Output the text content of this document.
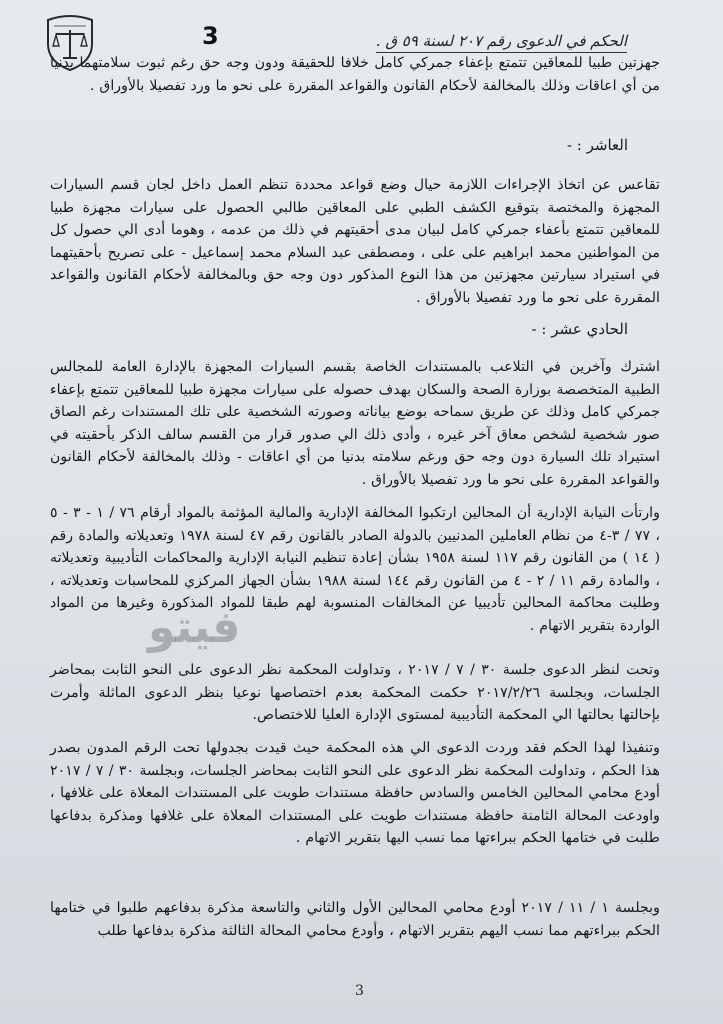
3	الحكم في الدعوى رقم ٢٠٧ لسنة ٥٩ ق .

جهزتين طبيا للمعاقين تتمتع بإعفاء جمركي كامل خلافا للحقيقة ودون وجه حق رغم ثبوت سلامتهما بدنيا من أي اعاقات وذلك بالمخالفة لأحكام القانون والقواعد المقررة على نحو ما ورد تفصيلا بالأوراق .

العاشر : -

تقاعس عن اتخاذ الإجراءات اللازمة حيال وضع قواعد محددة تنظم العمل داخل لجان قسم السيارات المجهزة والمختصة بتوقيع الكشف الطبي على المعاقين طالبي الحصول على سيارات مجهزة طبيا للمعاقين تتمتع بأعفاء جمركي كامل لبيان مدى أحقيتهم في ذلك من عدمه ، وهوما أدى الي حصول كل من المواطنين محمد ابراهيم على على ، ومصطفى عبد السلام محمد إسماعيل - على تصريح بأحقيتهما في استيراد سيارتين مجهزتين من هذا النوع المذكور دون وجه حق وبالمخالفة لأحكام القانون والقواعد المقررة على نحو ما ورد تفصيلا بالأوراق .

الحادي عشر : -

اشترك وآخرين في التلاعب بالمستندات الخاصة بقسم السيارات المجهزة بالإدارة العامة للمجالس الطبية المتخصصة بوزارة الصحة والسكان بهدف حصوله على سيارات مجهزة طبيا للمعاقين تتمتع بإعفاء جمركي كامل وذلك عن طريق سماحه بوضع بياناته وصورته الشخصية على تلك المستندات رغم الصاق صور شخصية لشخص معاق آخر غيره ، وأدى ذلك الي صدور قرار من القسم سالف الذكر بأحقيته في استيراد تلك السيارة دون وجه حق ورغم سلامته بدنيا من أي اعاقات - وذلك بالمخالفة لأحكام القانون والقواعد المقررة على نحو ما ورد تفصيلا بالأوراق .

وارتأت النيابة الإدارية أن المحالين ارتكبوا المخالفة الإدارية والمالية المؤثمة بالمواد أرقام ٧٦ / ١ - ٣ - ٥ ، ٧٧ / ٣-٤ من نظام العاملين المدنيين بالدولة الصادر بالقانون رقم ٤٧ لسنة ١٩٧٨ وتعديلاته والمادة رقم ( ١٤ ) من القانون رقم ١١٧ لسنة ١٩٥٨ بشأن إعادة تنظيم النيابة الإدارية والمحاكمات التأديبية وتعديلاته ، والمادة رقم ١١ / ٢ - ٤ من القانون رقم ١٤٤ لسنة ١٩٨٨ بشأن الجهاز المركزي للمحاسبات وتعديلاته ، وطلبت محاكمة المحالين تأديبيا عن المخالفات المنسوبة لهم طبقا للمواد المذكورة وغيرها من المواد الواردة بتقرير الاتهام .

وتحت لنظر الدعوى جلسة ٣٠ / ٧ / ٢٠١٧ ، وتداولت المحكمة نظر الدعوى على النحو الثابت بمحاضر الجلسات، وبجلسة ٢٠١٧/٢/٢٦ حكمت المحكمة بعدم اختصاصها نوعيا بنظر الدعوى الماثلة وأمرت بإحالتها بحالتها الي المحكمة التأديبية لمستوى الإدارة العليا للاختصاص.

وتنفيذا لهذا الحكم فقد وردت الدعوى الي هذه المحكمة حيث قيدت بجدولها تحت الرقم المدون بصدر هذا الحكم ، وتداولت المحكمة نظر الدعوى على النحو الثابت بمحاضر الجلسات، وبجلسة ٣٠ / ٧ / ٢٠١٧ أودع محامي المحالين الخامس والسادس حافظة مستندات طويت على المستندات المعلاة على غلافها ، واودعت المحالة الثامنة حافظة مستندات طويت على المستندات المعلاة على غلافها ومذكرة بدفاعها طلبت في ختامها الحكم ببراءتها مما نسب اليها بتقرير الاتهام .

وبجلسة ١ / ١١ / ٢٠١٧ أودع محامي المحالين الأول والثاني والتاسعة مذكرة بدفاعهم طلبوا في ختامها الحكم ببراءتهم مما نسب اليهم بتقرير الاتهام ، وأودع محامي المحالة الثالثة مذكرة بدفاعها طلب

فيتو
3
